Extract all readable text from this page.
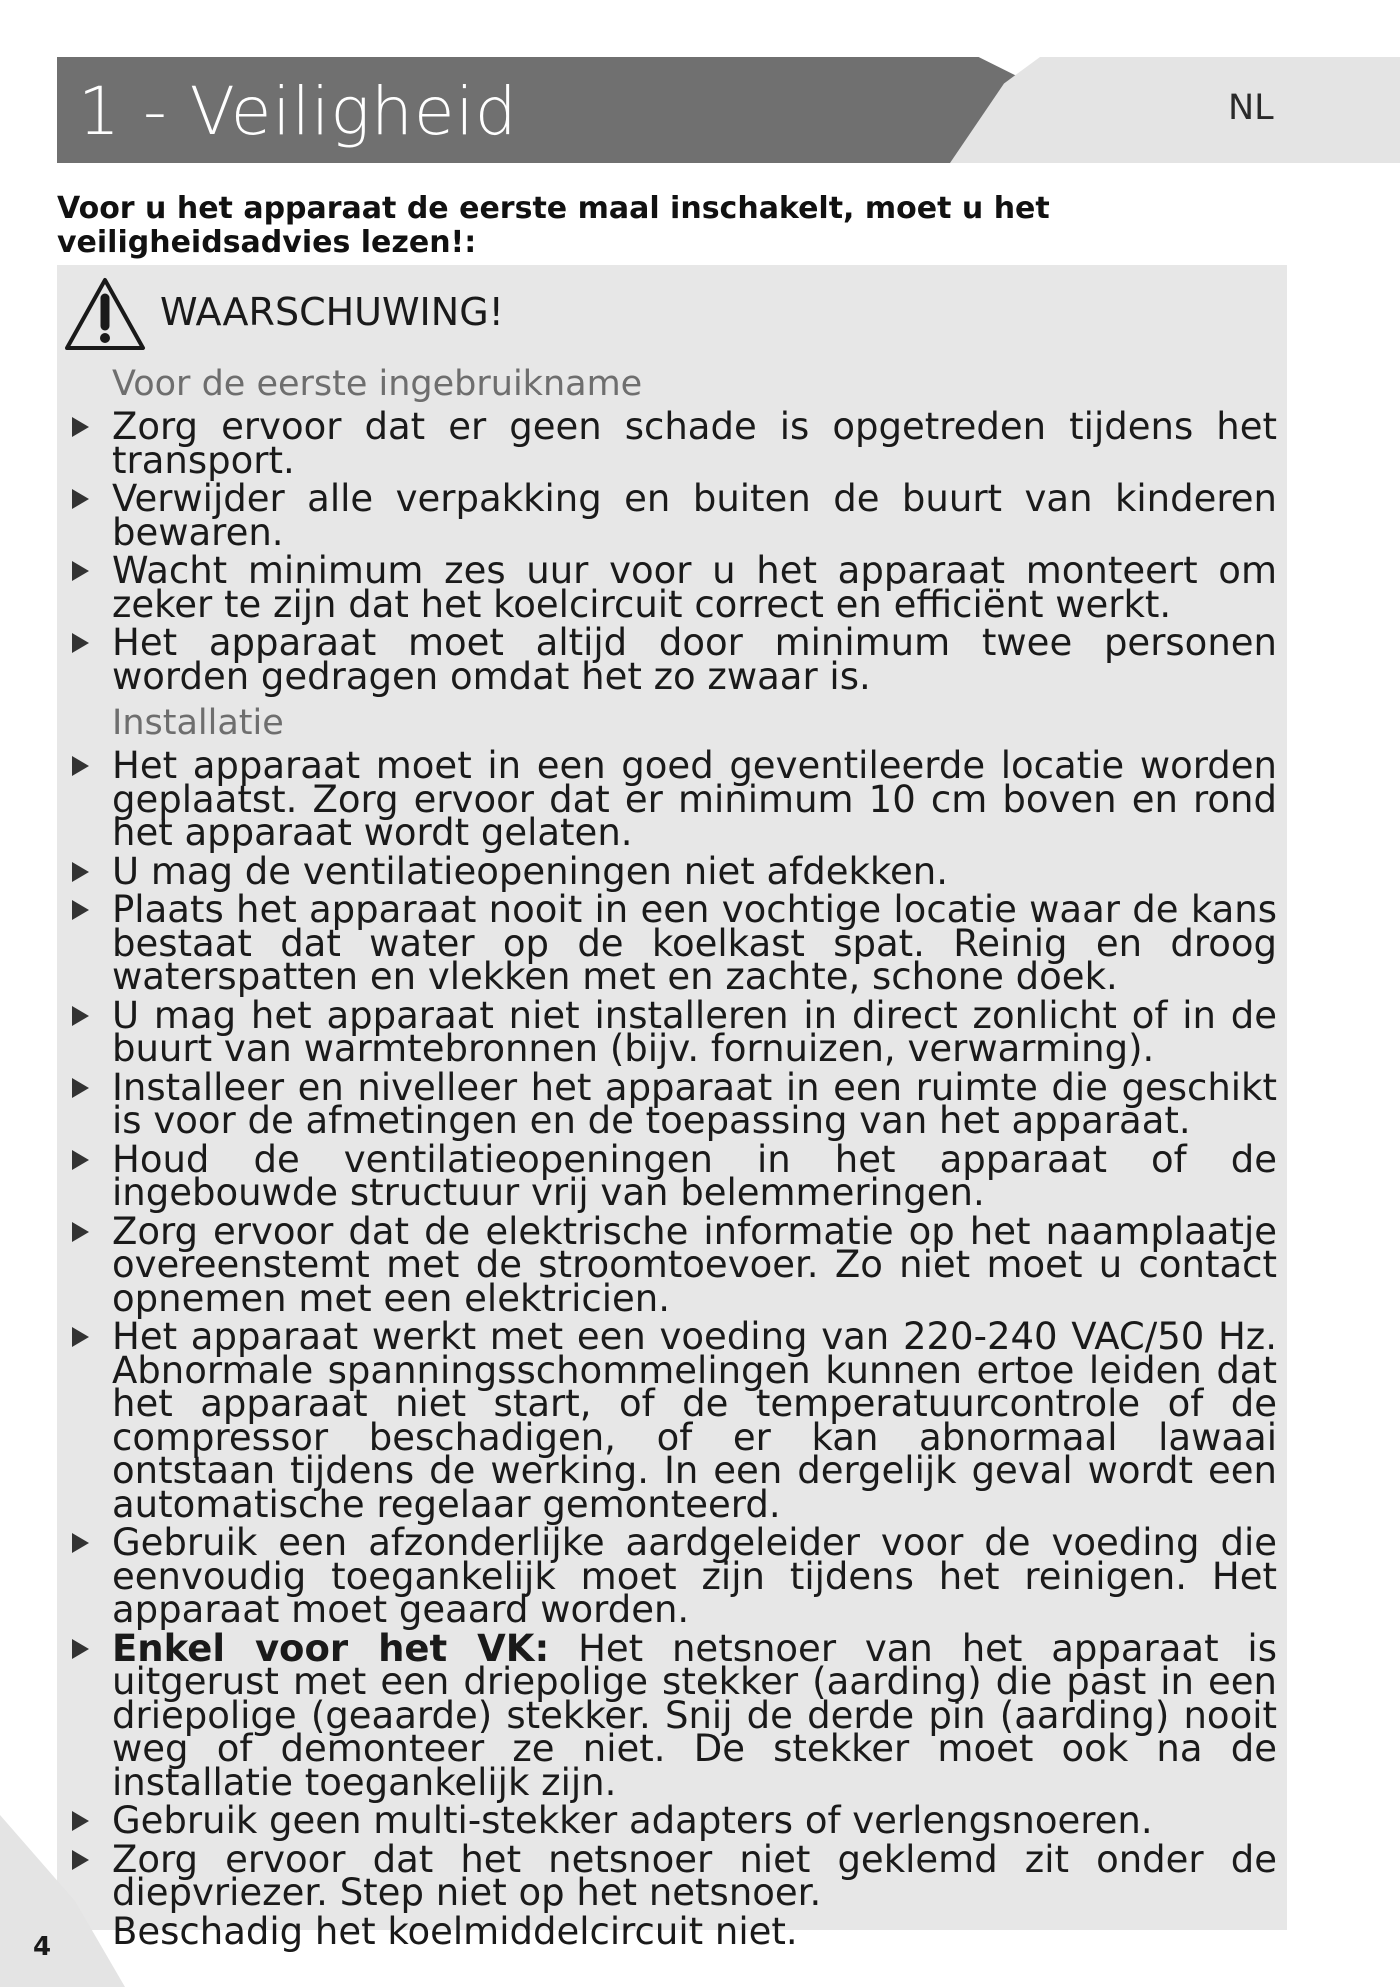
1 - Veiligheid	NL

Voor u het apparaat de eerste maal inschakelt, moet u het veiligheidsadvies lezen!:

WAARSCHUWING!
Voor de eerste ingebruikname
Zorg ervoor dat er geen schade is opgetreden tijdens het transport.
Verwijder alle verpakking en buiten de buurt van kinderen bewaren.
Wacht minimum zes uur voor u het apparaat monteert om zeker te zijn dat het koelcircuit correct en efficiënt werkt.
Het apparaat moet altijd door minimum twee personen worden gedragen omdat het zo zwaar is.
Installatie
Het apparaat moet in een goed geventileerde locatie worden geplaatst. Zorg ervoor dat er minimum 10 cm boven en rond het apparaat wordt gelaten.
U mag de ventilatieopeningen niet afdekken.
Plaats het apparaat nooit in een vochtige locatie waar de kans bestaat dat water op de koelkast spat. Reinig en droog waterspatten en vlekken met en zachte, schone doek.
U mag het apparaat niet installeren in direct zonlicht of in de buurt van warmtebronnen (bijv. fornuizen, verwarming).
Installeer en nivelleer het apparaat in een ruimte die geschikt is voor de afmetingen en de toepassing van het apparaat.
Houd de ventilatieopeningen in het apparaat of de ingebouwde structuur vrij van belemmeringen.
Zorg ervoor dat de elektrische informatie op het naamplaatje overeenstemt met de stroomtoevoer. Zo niet moet u contact opnemen met een elektricien.
Het apparaat werkt met een voeding van 220-240 VAC/50 Hz. Abnormale spanningsschommelingen kunnen ertoe leiden dat het apparaat niet start, of de temperatuurcontrole of de compressor beschadigen, of er kan abnormaal lawaai ontstaan tijdens de werking. In een dergelijk geval wordt een automatische regelaar gemonteerd.
Gebruik een afzonderlijke aardgeleider voor de voeding die eenvoudig toegankelijk moet zijn tijdens het reinigen. Het apparaat moet geaard worden.
Enkel voor het VK: Het netsnoer van het apparaat is uitgerust met een driepolige stekker (aarding) die past in een driepolige (geaarde) stekker. Snij de derde pin (aarding) nooit weg of demonteer ze niet. De stekker moet ook na de installatie toegankelijk zijn.
Gebruik geen multi-stekker adapters of verlengsnoeren.
Zorg ervoor dat het netsnoer niet geklemd zit onder de diepvriezer. Step niet op het netsnoer.
Beschadig het koelmiddelcircuit niet.
4
